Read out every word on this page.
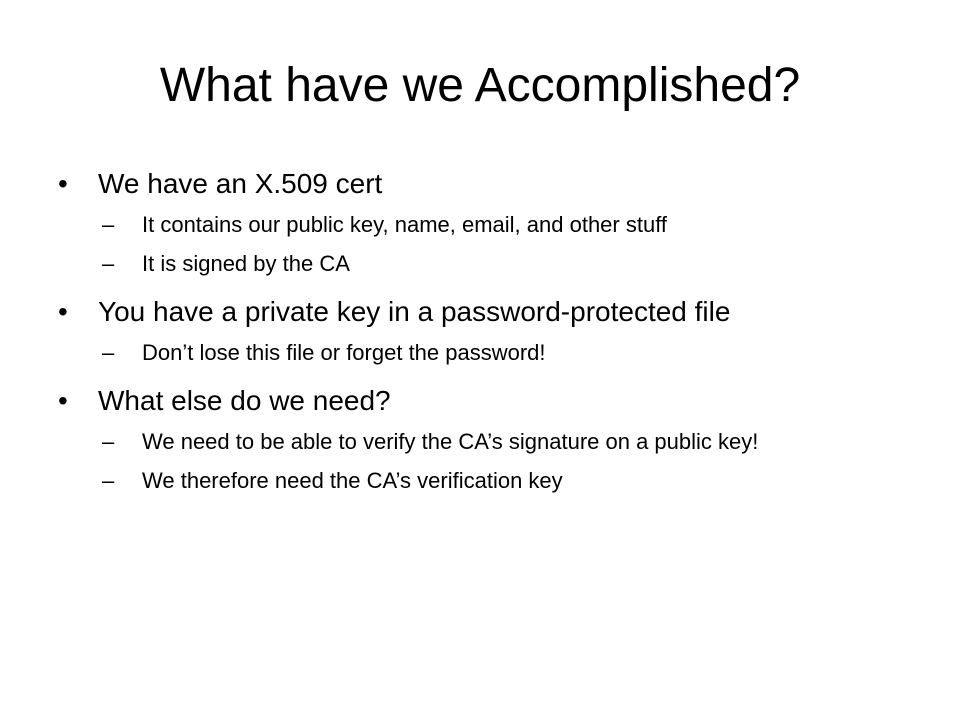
What have we Accomplished?
• We have an X.509 cert
– It contains our public key, name, email, and other stuff
– It is signed by the CA
• You have a private key in a password-protected file
– Don’t lose this file or forget the password!
• What else do we need?
– We need to be able to verify the CA’s signature on a public key!
– We therefore need the CA’s verification key
